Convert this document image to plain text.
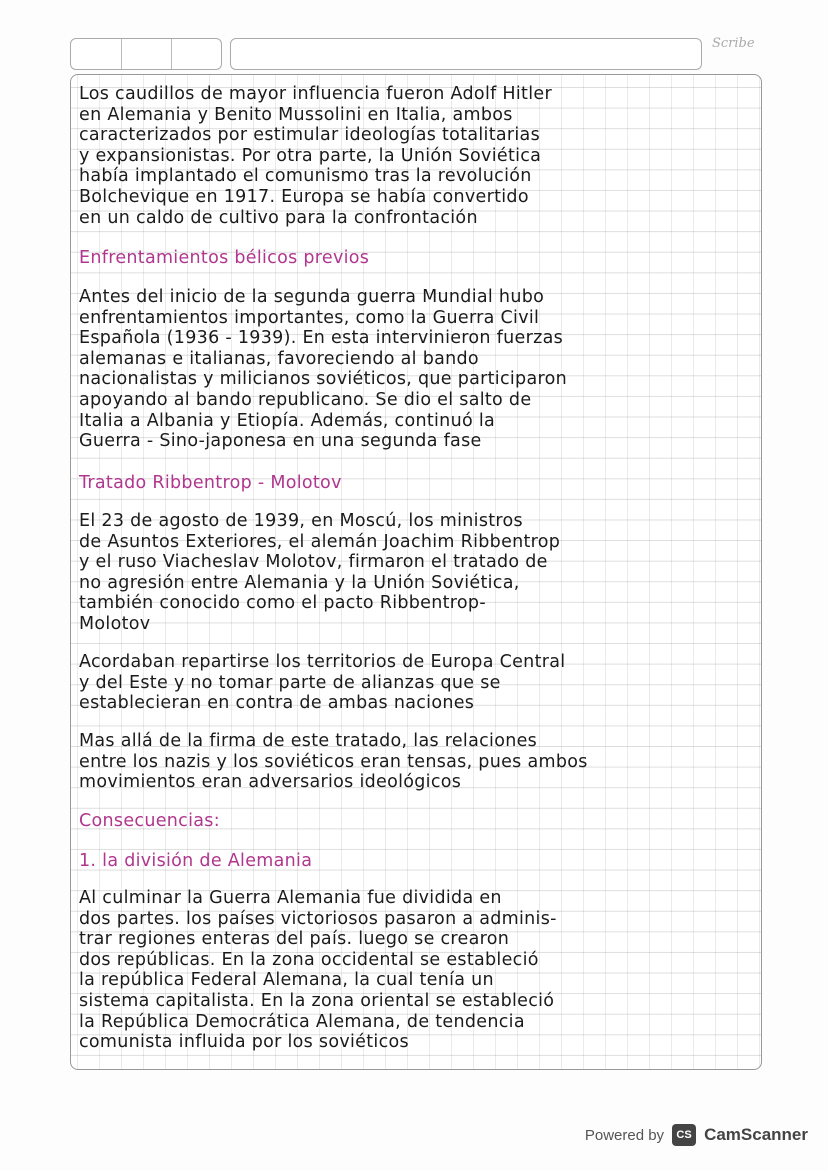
Scribe
Los caudillos de mayor influencia fueron Adolf Hitler
en Alemania y Benito Mussolini en Italia, ambos
caracterizados por estimular ideologías totalitarias
y expansionistas. Por otra parte, la Unión Soviética
había implantado el comunismo tras la revolución
Bolchevique en 1917. Europa se había convertido
en un caldo de cultivo para la confrontación
Enfrentamientos bélicos previos
Antes del inicio de la segunda guerra Mundial hubo
enfrentamientos importantes, como la Guerra Civil
Española (1936 - 1939). En esta intervinieron fuerzas
alemanas e italianas, favoreciendo al bando
nacionalistas y milicianos soviéticos, que participaron
apoyando al bando republicano. Se dio el salto de
Italia a Albania y Etiopía. Además, continuó la
Guerra - Sino-japonesa en una segunda fase
Tratado Ribbentrop - Molotov
El 23 de agosto de 1939, en Moscú, los ministros
de Asuntos Exteriores, el alemán Joachim Ribbentrop
y el ruso Viacheslav Molotov, firmaron el tratado de
no agresión entre Alemania y la Unión Soviética,
también conocido como el pacto Ribbentrop-
Molotov
Acordaban repartirse los territorios de Europa Central
y del Este y no tomar parte de alianzas que se
establecieran en contra de ambas naciones
Mas allá de la firma de este tratado, las relaciones
entre los nazis y los soviéticos eran tensas, pues ambos
movimientos eran adversarios ideológicos
Consecuencias:
1. la división de Alemania
Al culminar la Guerra Alemania fue dividida en
dos partes. los países victoriosos pasaron a adminis-
trar regiones enteras del país. luego se crearon
dos repúblicas. En la zona occidental se estableció
la república Federal Alemana, la cual tenía un
sistema capitalista. En la zona oriental se estableció
la República Democrática Alemana, de tendencia
comunista influida por los soviéticos
Powered by	CS CamScanner
